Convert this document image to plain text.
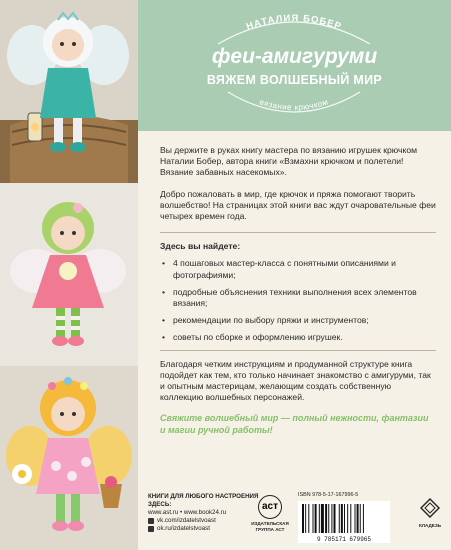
НАТАЛИЯ БОБЕР
вязание крючком
феи-амигуруми
ВЯЖЕМ ВОЛШЕБНЫЙ МИР

Вы держите в руках книгу мастера по вязанию игрушек крючком Наталии Бобер, автора книги «Взмахни крючком и полетели! Вязание забавных насекомых».

Добро пожаловать в мир, где крючок и пряжа помогают творить волшебство! На страницах этой книги вас ждут очаровательные феи четырех времен года.

Здесь вы найдете:
• 4 пошаговых мастер-класса с понятными описаниями и фотографиями;
• подробные объяснения техники выполнения всех элементов вязания;
• рекомендации по выбору пряжи и инструментов;
• советы по сборке и оформлению игрушек.

Благодаря четким инструкциям и продуманной структуре книга подойдет как тем, кто только начинает знакомство с амигуруми, так и опытным мастерицам, желающим создать собственную коллекцию волшебных персонажей.

Свяжите волшебный мир — полный нежности, фантазии и магии ручной работы!
КНИГИ ДЛЯ ЛЮБОГО НАСТРОЕНИЯ ЗДЕСЬ:
www.ast.ru • www.book24.ru
vk.com/izdatelstvoast
ok.ru/izdatelstvoast
аст
ИЗДАТЕЛЬСКАЯ ГРУППА АСТ
ISBN 978-5-17-167996-5
9 785171 679965
КЛАДЕЗЬ
